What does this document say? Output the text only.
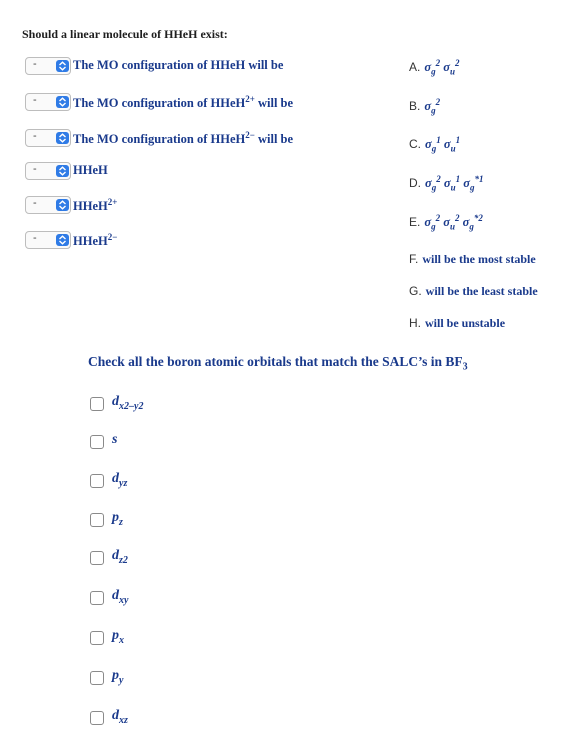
Should a linear molecule of HHeH exist:
-	The MO configuration of HHeH will be
-	The MO configuration of HHeH$^{2+}$ will be
-	The MO configuration of HHeH$^{2-}$ will be
-	HHeH
-	HHeH$^{2+}$
-	HHeH$^{2-}$
A. $\sigma_g^2$ $\sigma_u^2$
B. $\sigma_g^2$
C. $\sigma_g^1$ $\sigma_u^1$
D. $\sigma_g^2$ $\sigma_u^1$ $\sigma_g^{*1}$
E. $\sigma_g^2$ $\sigma_u^2$ $\sigma_g^{*2}$
F. will be the most stable
G. will be the least stable
H. will be unstable
Check all the boron atomic orbitals that match the SALC’s in $BF_3$
$d_{x2-y2}$
s
$d_{yz}$
$p_z$
$d_{z2}$
$d_{xy}$
$p_x$
$p_y$
$d_{xz}$
